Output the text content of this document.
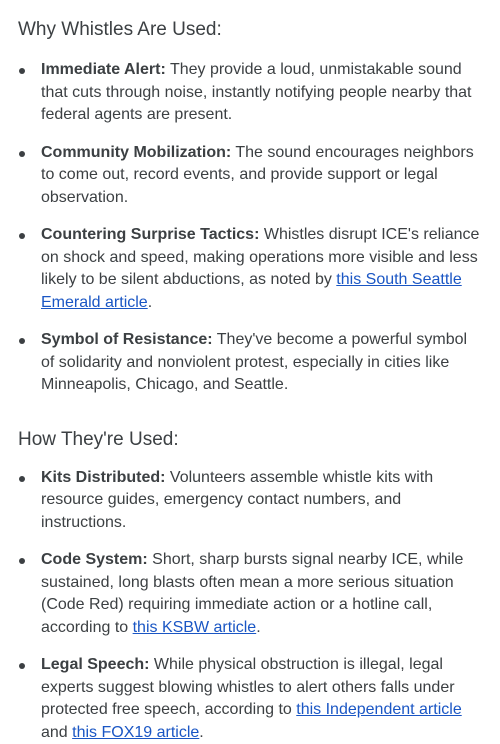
Why Whistles Are Used:
Immediate Alert: They provide a loud, unmistakable sound that cuts through noise, instantly notifying people nearby that federal agents are present.
Community Mobilization: The sound encourages neighbors to come out, record events, and provide support or legal observation.
Countering Surprise Tactics: Whistles disrupt ICE's reliance on shock and speed, making operations more visible and less likely to be silent abductions, as noted by this South Seattle Emerald article.
Symbol of Resistance: They've become a powerful symbol of solidarity and nonviolent protest, especially in cities like Minneapolis, Chicago, and Seattle.
How They're Used:
Kits Distributed: Volunteers assemble whistle kits with resource guides, emergency contact numbers, and instructions.
Code System: Short, sharp bursts signal nearby ICE, while sustained, long blasts often mean a more serious situation (Code Red) requiring immediate action or a hotline call, according to this KSBW article.
Legal Speech: While physical obstruction is illegal, legal experts suggest blowing whistles to alert others falls under protected free speech, according to this Independent article and this FOX19 article.
